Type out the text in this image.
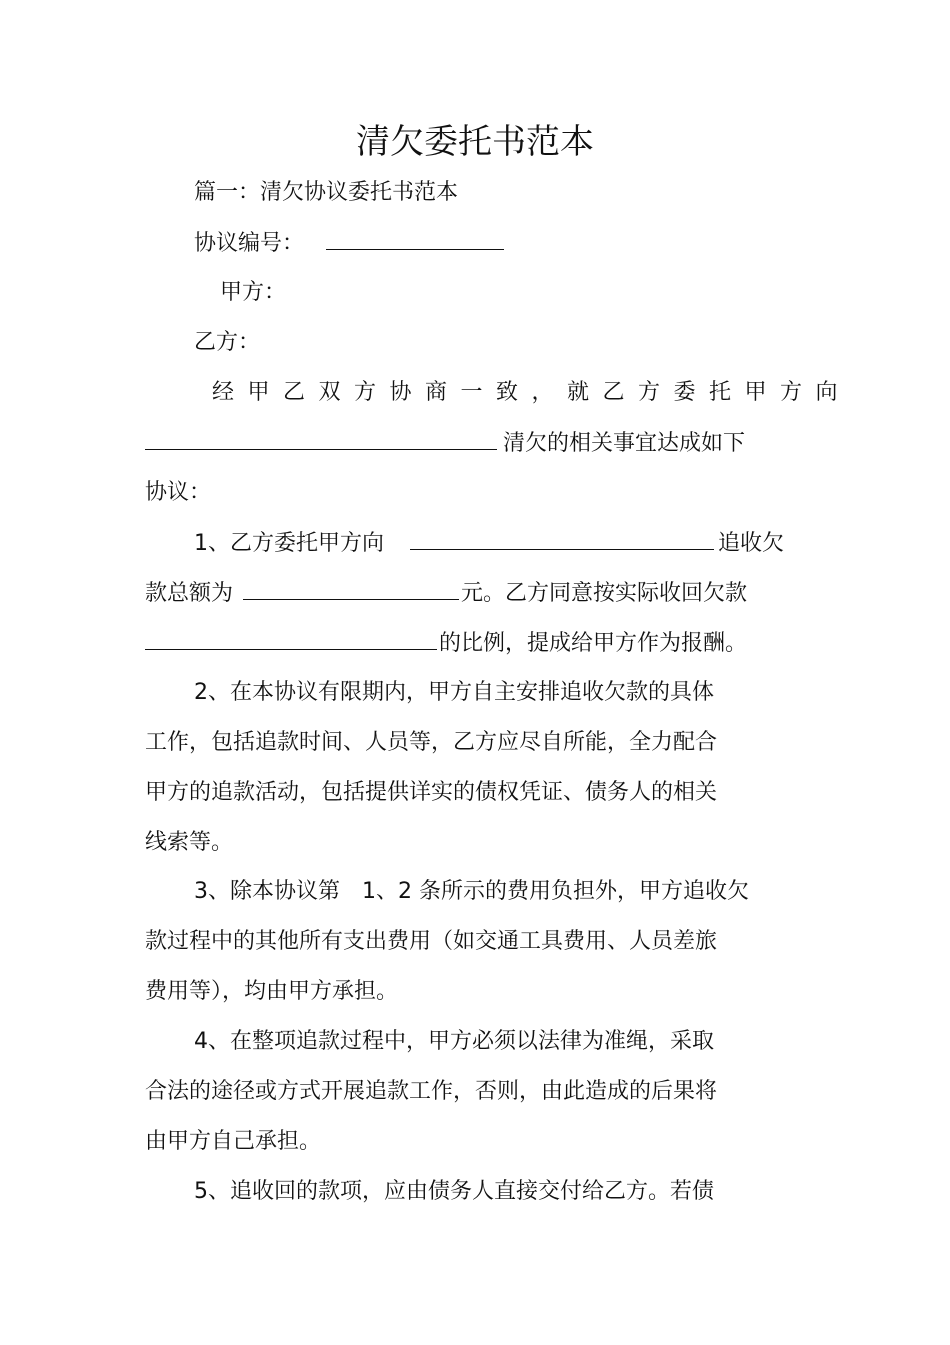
清欠委托书范本
篇一：清欠协议委托书范本
协议编号：
甲方：
乙方：
经甲乙双方协商一致，就乙方委托甲方向
清欠的相关事宜达成如下
协议：
1、乙方委托甲方向	追收欠
款总额为	元。乙方同意按实际收回欠款
的比例，提成给甲方作为报酬。
2、在本协议有限期内，甲方自主安排追收欠款的具体
工作，包括追款时间、人员等，乙方应尽自所能，全力配合
甲方的追款活动，包括提供详实的债权凭证、债务人的相关
线索等。
3、除本协议第　1、2 条所示的费用负担外，甲方追收欠
款过程中的其他所有支出费用（如交通工具费用、人员差旅
费用等），均由甲方承担。
4、在整项追款过程中，甲方必须以法律为准绳，采取
合法的途径或方式开展追款工作，否则，由此造成的后果将
由甲方自己承担。
5、追收回的款项，应由债务人直接交付给乙方。若债
